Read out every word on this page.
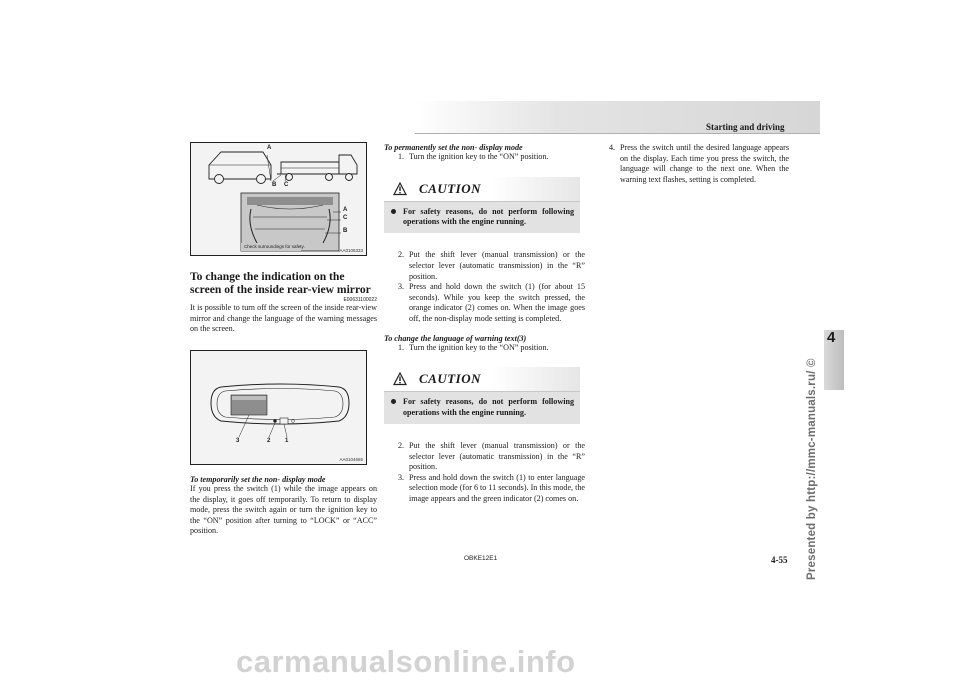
Starting and driving
4
Presented by http://mmc-manuals.ru/ ©
A
B C
A
C
B
Check surroundings for safety.
AA0106333
To change the indication on the screen of the inside rear-view mirror
E00631100022

It is possible to turn off the screen of the inside rear-view mirror and change the language of the warning messages on the screen.

3	2 1
AA0104665
To temporarily set the non- display mode

If you press the switch (1) while the image appears on the display, it goes off temporarily. To return to display mode, press the switch again or turn the ignition key to the “ON” position after turning to “LOCK” or “ACC” position.

To permanently set the non- display mode
1. Turn the ignition key to the “ON” position.
CAUTION
For safety reasons, do not perform following operations with the engine running.
2. Put the shift lever (manual transmission) or the selector lever (automatic transmission) in the “R” position.
3. Press and hold down the switch (1) (for about 15 seconds). While you keep the switch pressed, the orange indicator (2) comes on. When the image goes off, the non-display mode setting is completed.
To change the language of warning text(3)
1. Turn the ignition key to the “ON” position.
CAUTION
For safety reasons, do not perform following operations with the engine running.
2. Put the shift lever (manual transmission) or the selector lever (automatic transmission) in the “R” position.
3. Press and hold down the switch (1) to enter language selection mode (for 6 to 11 seconds). In this mode, the image appears and the green indicator (2) comes on.
4. Press the switch until the desired language appears on the display. Each time you press the switch, the language will change to the next one. When the warning text flashes, setting is completed.
OBKE12E1	4-55
carmanualsonline.info
